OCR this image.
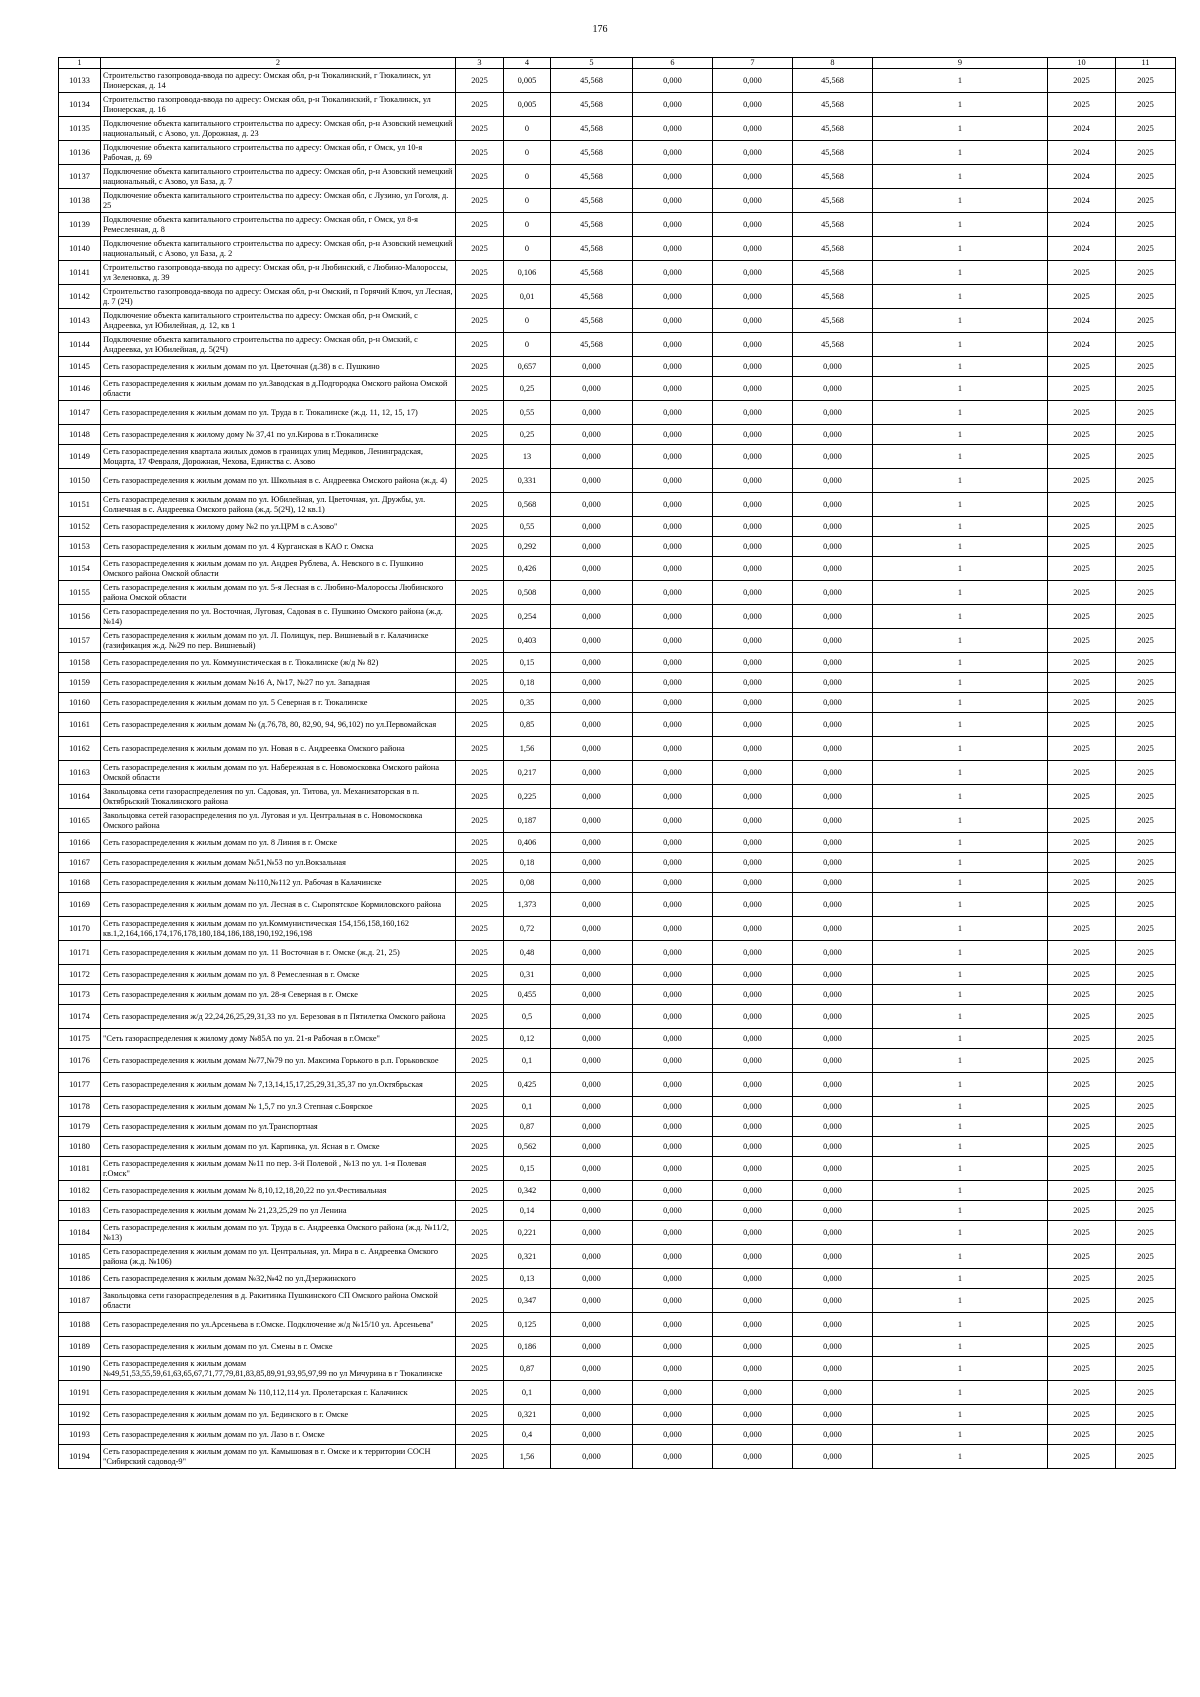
176
1	2	3	4	5	6	7	8	9	10	11
10133	Строительство газопровода-ввода по адресу: Омская обл, р-н Тюкалинский, г Тюкалинск, ул Пионерская, д. 14	2025	0,005	45,568	0,000	0,000	45,568	1	2025	2025
10134	Строительство газопровода-ввода по адресу: Омская обл, р-н Тюкалинский, г Тюкалинск, ул Пионерская, д. 16	2025	0,005	45,568	0,000	0,000	45,568	1	2025	2025
10135	Подключение объекта капитального строительства по адресу: Омская обл, р-н Азовский немецкий национальный, с Азово, ул. Дорожная, д. 23	2025	0	45,568	0,000	0,000	45,568	1	2024	2025
10136	Подключение объекта капитального строительства по адресу: Омская обл, г Омск, ул 10-я Рабочая, д. 69	2025	0	45,568	0,000	0,000	45,568	1	2024	2025
10137	Подключение объекта капитального строительства по адресу: Омская обл, р-н Азовский немецкий национальный, с Азово, ул База, д. 7	2025	0	45,568	0,000	0,000	45,568	1	2024	2025
10138	Подключение объекта капитального строительства по адресу: Омская обл, с Лузино, ул Гоголя, д. 25	2025	0	45,568	0,000	0,000	45,568	1	2024	2025
10139	Подключение объекта капитального строительства по адресу: Омская обл, г Омск, ул 8-я Ремесленная, д. 8	2025	0	45,568	0,000	0,000	45,568	1	2024	2025
10140	Подключение объекта капитального строительства по адресу: Омская обл, р-н Азовский немецкий национальный, с Азово, ул База, д. 2	2025	0	45,568	0,000	0,000	45,568	1	2024	2025
10141	Строительство газопровода-ввода по адресу: Омская обл, р-н Любинский, с Любино-Малороссы, ул Зеленовка, д. 39	2025	0,106	45,568	0,000	0,000	45,568	1	2025	2025
10142	Строительство газопровода-ввода по адресу: Омская обл, р-н Омский, п Горячий Ключ, ул Лесная, д. 7 (2Ч)	2025	0,01	45,568	0,000	0,000	45,568	1	2025	2025
10143	Подключение объекта капитального строительства по адресу: Омская обл, р-н Омский, с Андреевка, ул Юбилейная, д. 12, кв 1	2025	0	45,568	0,000	0,000	45,568	1	2024	2025
10144	Подключение объекта капитального строительства по адресу: Омская обл, р-н Омский, с Андреевка, ул Юбилейная, д. 5(2Ч)	2025	0	45,568	0,000	0,000	45,568	1	2024	2025
10145	Сеть газораспределения к жилым домам по ул. Цветочная (д.38) в с. Пушкино	2025	0,657	0,000	0,000	0,000	0,000	1	2025	2025
10146	Сеть газораспределения к жилым домам по ул.Заводская в д.Подгородка Омского района Омской области	2025	0,25	0,000	0,000	0,000	0,000	1	2025	2025
10147	Сеть газораспределения к жилым домам по ул. Труда в г. Тюкалинске (ж.д. 11, 12, 15, 17)	2025	0,55	0,000	0,000	0,000	0,000	1	2025	2025
10148	Сеть газораспределения к жилому дому № 37,41 по ул.Кирова в г.Тюкалинске	2025	0,25	0,000	0,000	0,000	0,000	1	2025	2025
10149	Сеть газораспределения квартала жилых домов в границах улиц Медиков, Ленинградская, Моцарта, 17 Февраля, Дорожная, Чехова, Единства с. Азово	2025	13	0,000	0,000	0,000	0,000	1	2025	2025
10150	Сеть газораспределения к жилым домам по ул. Школьная в с. Андреевка Омского района (ж.д. 4)	2025	0,331	0,000	0,000	0,000	0,000	1	2025	2025
10151	Сеть газораспределения к жилым домам по ул. Юбилейная, ул. Цветочная, ул. Дружбы, ул. Солнечная в с. Андреевка Омского района (ж.д. 5(2Ч), 12 кв.1)	2025	0,568	0,000	0,000	0,000	0,000	1	2025	2025
10152	Сеть газораспределения к жилому дому №2 по ул.ЦРМ в с.Азово"	2025	0,55	0,000	0,000	0,000	0,000	1	2025	2025
10153	Сеть газораспределения к жилым домам по ул. 4 Курганская в КАО г. Омска	2025	0,292	0,000	0,000	0,000	0,000	1	2025	2025
10154	Сеть газораспределения к жилым домам по ул. Андрея Рублева, А. Невского в с. Пушкино Омского района Омской области	2025	0,426	0,000	0,000	0,000	0,000	1	2025	2025
10155	Сеть газораспределения к жилым домам по ул. 5-я Лесная в с. Любино-Малороссы Любинского района Омской области	2025	0,508	0,000	0,000	0,000	0,000	1	2025	2025
10156	Сеть газораспределения по ул. Восточная, Луговая, Садовая в с. Пушкино Омского района (ж.д. №14)	2025	0,254	0,000	0,000	0,000	0,000	1	2025	2025
10157	Сеть газораспределения к жилым домам по ул. Л. Полищук, пер. Вишневый в г. Калачинске (газификация ж.д. №29 по пер. Вишневый)	2025	0,403	0,000	0,000	0,000	0,000	1	2025	2025
10158	Сеть газораспределения по ул. Коммунистическая в г. Тюкалинске (ж/д № 82)	2025	0,15	0,000	0,000	0,000	0,000	1	2025	2025
10159	Сеть газораспределения к жилым домам №16 А, №17, №27 по ул. Западная	2025	0,18	0,000	0,000	0,000	0,000	1	2025	2025
10160	Сеть газораспределения к жилым домам по ул. 5 Северная в г. Тюкалинске	2025	0,35	0,000	0,000	0,000	0,000	1	2025	2025
10161	Сеть газораспределения к жилым домам № (д.76,78, 80, 82,90, 94, 96,102) по ул.Первомайская	2025	0,85	0,000	0,000	0,000	0,000	1	2025	2025
10162	Сеть газораспределения к жилым домам по ул. Новая в с. Андреевка Омского района	2025	1,56	0,000	0,000	0,000	0,000	1	2025	2025
10163	Сеть газораспределения к жилым домам по ул. Набережная в с. Новомосковка Омского района Омской области	2025	0,217	0,000	0,000	0,000	0,000	1	2025	2025
10164	Закольцовка сети газораспределения по ул. Садовая, ул. Титова, ул. Механизаторская в п. Октябрьский Тюкалинского района	2025	0,225	0,000	0,000	0,000	0,000	1	2025	2025
10165	Закольцовка сетей газораспределения по ул. Луговая и ул. Центральная в с. Новомосковка Омского района	2025	0,187	0,000	0,000	0,000	0,000	1	2025	2025
10166	Сеть газораспределения к жилым домам по ул. 8 Линия в г. Омске	2025	0,406	0,000	0,000	0,000	0,000	1	2025	2025
10167	Сеть газораспределения к жилым домам №51,№53 по ул.Вокзальная	2025	0,18	0,000	0,000	0,000	0,000	1	2025	2025
10168	Сеть газораспределения к жилым домам №110,№112 ул. Рабочая в Калачинске	2025	0,08	0,000	0,000	0,000	0,000	1	2025	2025
10169	Сеть газораспределения к жилым домам по ул. Лесная в с. Сыропятское Кормиловского района	2025	1,373	0,000	0,000	0,000	0,000	1	2025	2025
10170	Сеть газораспределения к жилым домам по ул.Коммунистическая 154,156,158,160,162 кв.1,2,164,166,174,176,178,180,184,186,188,190,192,196,198	2025	0,72	0,000	0,000	0,000	0,000	1	2025	2025
10171	Сеть газораспределения к жилым домам по ул. 11 Восточная в г. Омске (ж.д. 21, 25)	2025	0,48	0,000	0,000	0,000	0,000	1	2025	2025
10172	Сеть газораспределения к жилым домам по ул. 8 Ремесленная в г. Омске	2025	0,31	0,000	0,000	0,000	0,000	1	2025	2025
10173	Сеть газораспределения к жилым домам по ул. 28-я Северная в г. Омске	2025	0,455	0,000	0,000	0,000	0,000	1	2025	2025
10174	Сеть газораспределения ж/д 22,24,26,25,29,31,33 по ул. Березовая в п Пятилетка Омского района	2025	0,5	0,000	0,000	0,000	0,000	1	2025	2025
10175	"Сеть газораспределения к жилому дому №85А по ул. 21-я Рабочая в г.Омске"	2025	0,12	0,000	0,000	0,000	0,000	1	2025	2025
10176	Сеть газораспределения к жилым домам №77,№79 по ул. Максима Горького в р.п. Горьковское	2025	0,1	0,000	0,000	0,000	0,000	1	2025	2025
10177	Сеть газораспределения к жилым домам № 7,13,14,15,17,25,29,31,35,37 по ул.Октябрьская	2025	0,425	0,000	0,000	0,000	0,000	1	2025	2025
10178	Сеть газораспределения к жилым домам № 1,5,7 по ул.3 Степная с.Боярское	2025	0,1	0,000	0,000	0,000	0,000	1	2025	2025
10179	Сеть газораспределения к жилым домам по ул.Транспортная	2025	0,87	0,000	0,000	0,000	0,000	1	2025	2025
10180	Сеть газораспределения к жилым домам по ул. Карпинка, ул. Ясная в г. Омске	2025	0,562	0,000	0,000	0,000	0,000	1	2025	2025
10181	Сеть газораспределения к жилым домам №11 по пер. 3-й Полевой , №13 по ул. 1-я Полевая г.Омск"	2025	0,15	0,000	0,000	0,000	0,000	1	2025	2025
10182	Сеть газораспределения к жилым домам № 8,10,12,18,20,22 по ул.Фестивальная	2025	0,342	0,000	0,000	0,000	0,000	1	2025	2025
10183	Сеть газораспределения к жилым домам № 21,23,25,29 по ул Ленина	2025	0,14	0,000	0,000	0,000	0,000	1	2025	2025
10184	Сеть газораспределения к жилым домам по ул. Труда в с. Андреевка Омского района (ж.д. №11/2, №13)	2025	0,221	0,000	0,000	0,000	0,000	1	2025	2025
10185	Сеть газораспределения к жилым домам по ул. Центральная, ул. Мира в с. Андреевка Омского района (ж.д. №106)	2025	0,321	0,000	0,000	0,000	0,000	1	2025	2025
10186	Сеть газораспределения к жилым домам №32,№42 по ул.Дзержинского	2025	0,13	0,000	0,000	0,000	0,000	1	2025	2025
10187	Закольцовка сети газораспределения в д. Ракитинка Пушкинского СП Омского района Омской области	2025	0,347	0,000	0,000	0,000	0,000	1	2025	2025
10188	Сеть газораспределения по ул.Арсеньева в г.Омске. Подключение ж/д №15/10 ул. Арсеньева"	2025	0,125	0,000	0,000	0,000	0,000	1	2025	2025
10189	Сеть газораспределения к жилым домам по ул. Смены в г. Омске	2025	0,186	0,000	0,000	0,000	0,000	1	2025	2025
10190	Сеть газораспределения к жилым домам №49,51,53,55,59,61,63,65,67,71,77,79,81,83,85,89,91,93,95,97,99 по ул Мичурина в г Тюкалинске	2025	0,87	0,000	0,000	0,000	0,000	1	2025	2025
10191	Сеть газораспределения к жилым домам № 110,112,114 ул. Пролетарская г. Калачинск	2025	0,1	0,000	0,000	0,000	0,000	1	2025	2025
10192	Сеть газораспределения к жилым домам по ул. Бединского в г. Омске	2025	0,321	0,000	0,000	0,000	0,000	1	2025	2025
10193	Сеть газораспределения к жилым домам по ул. Лазо в г. Омске	2025	0,4	0,000	0,000	0,000	0,000	1	2025	2025
10194	Сеть газораспределения к жилым домам по ул. Камышовая в г. Омске и к территории СОСН "Сибирский садовод-9"	2025	1,56	0,000	0,000	0,000	0,000	1	2025	2025
